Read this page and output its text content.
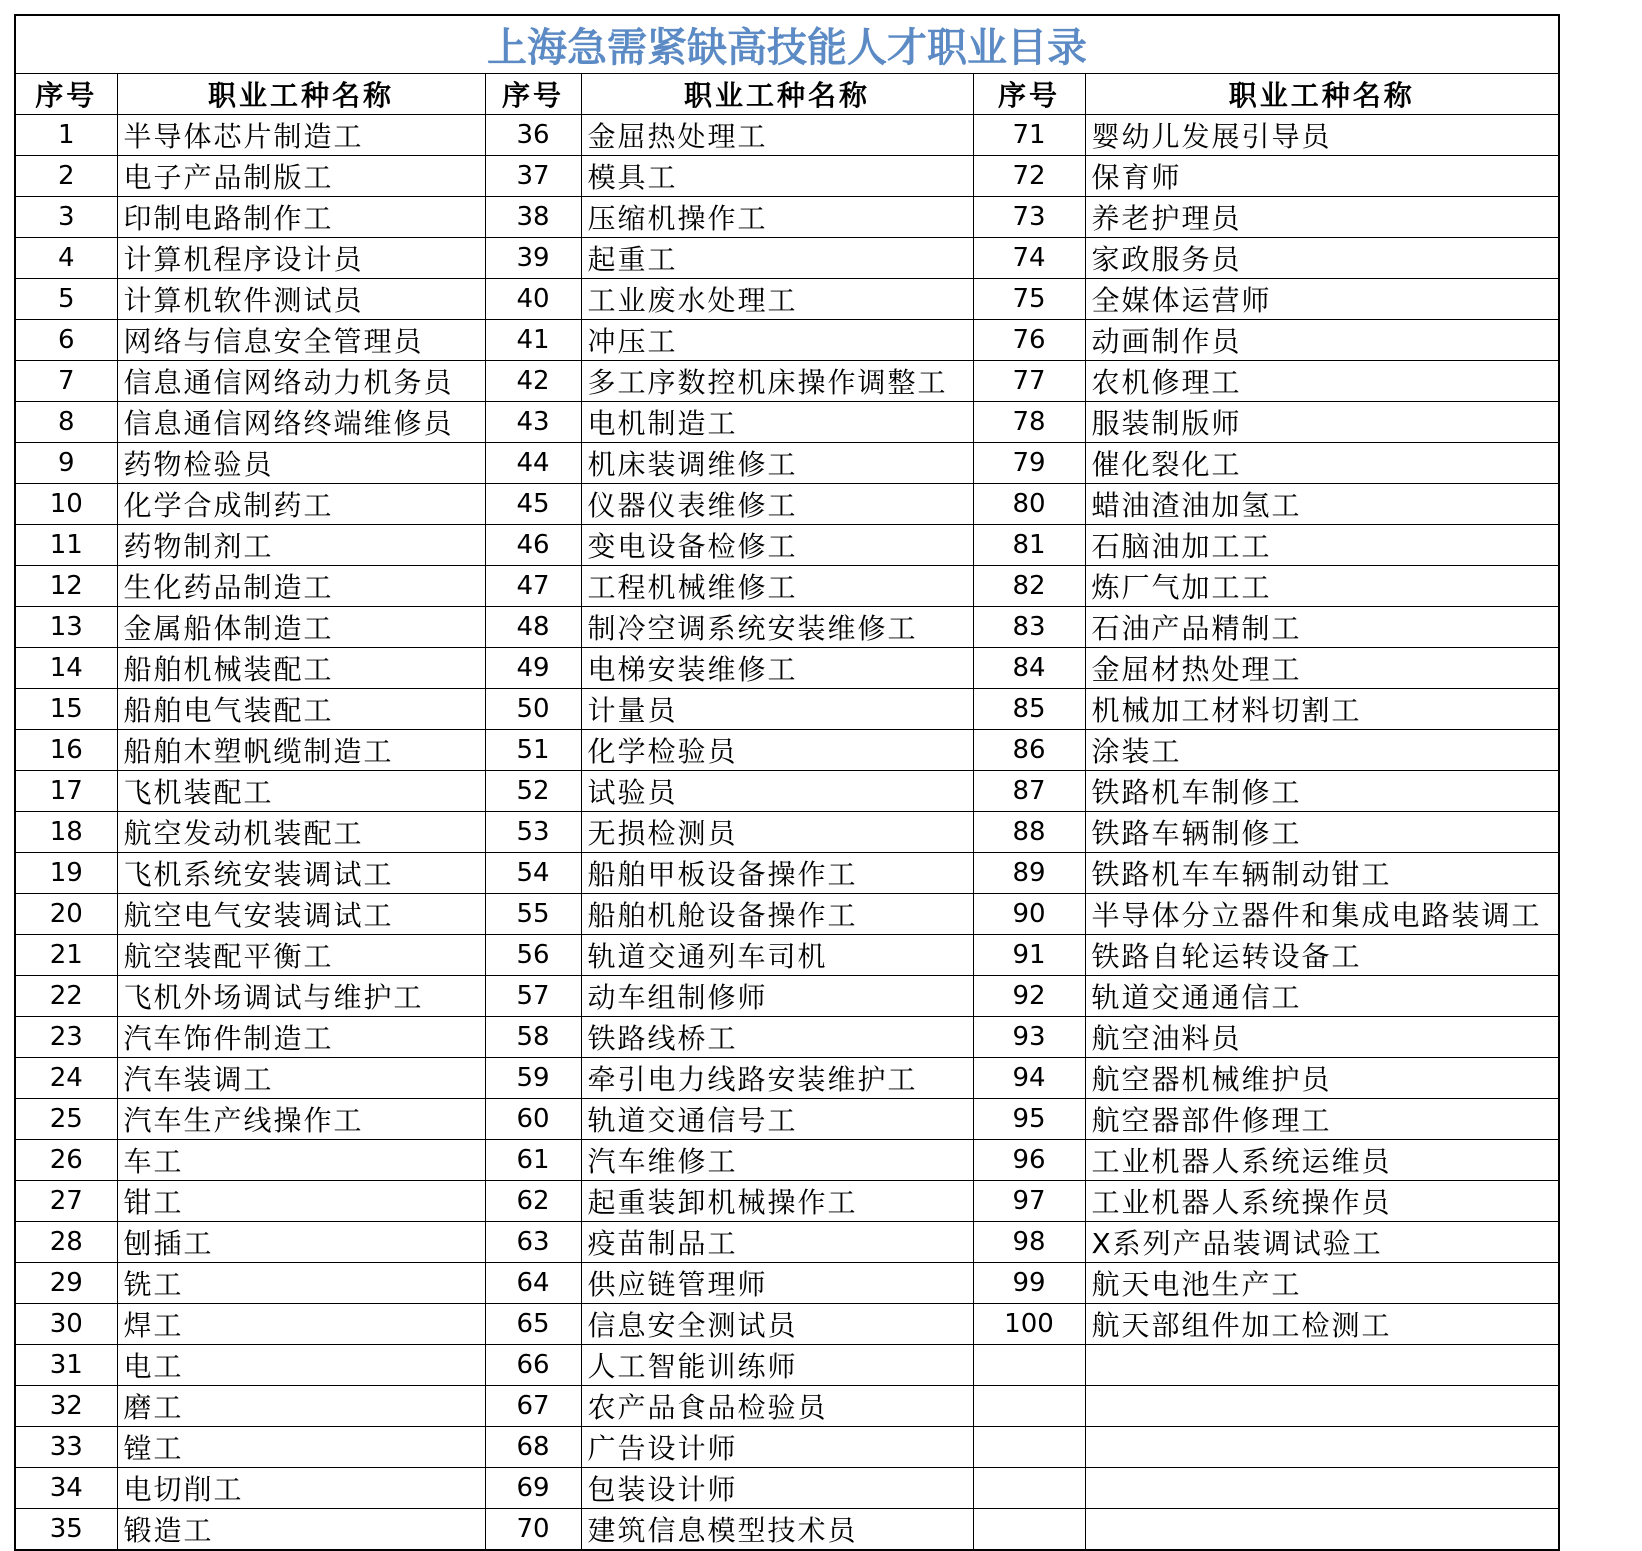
上海急需紧缺高技能人才职业目录					
序号	职业工种名称	序号	职业工种名称	序号	职业工种名称
1	半导体芯片制造工	36	金屈热处理工	71	婴幼儿发展引导员
2	电子产品制版工	37	模具工	72	保育师
3	印制电路制作工	38	压缩机操作工	73	养老护理员
4	计算机程序设计员	39	起重工	74	家政服务员
5	计算机软件测试员	40	工业废水处理工	75	全媒体运营师
6	网络与信息安全管理员	41	冲压工	76	动画制作员
7	信息通信网络动力机务员	42	多工序数控机床操作调整工	77	农机修理工
8	信息通信网络终端维修员	43	电机制造工	78	服装制版师
9	药物检验员	44	机床装调维修工	79	催化裂化工
10	化学合成制药工	45	仪器仪表维修工	80	蜡油渣油加氢工
11	药物制剂工	46	变电设备检修工	81	石脑油加工工
12	生化药品制造工	47	工程机械维修工	82	炼厂气加工工
13	金属船体制造工	48	制冷空调系统安装维修工	83	石油产品精制工
14	船舶机械装配工	49	电梯安装维修工	84	金屈材热处理工
15	船舶电气装配工	50	计量员	85	机械加工材料切割工
16	船舶木塑帆缆制造工	51	化学检验员	86	涂装工
17	飞机装配工	52	试验员	87	铁路机车制修工
18	航空发动机装配工	53	无损检测员	88	铁路车辆制修工
19	飞机系统安装调试工	54	船舶甲板设备操作工	89	铁路机车车辆制动钳工
20	航空电气安装调试工	55	船舶机舱设备操作工	90	半导体分立器件和集成电路装调工
21	航空装配平衡工	56	轨道交通列车司机	91	铁路自轮运转设备工
22	飞机外场调试与维护工	57	动车组制修师	92	轨道交通通信工
23	汽车饰件制造工	58	铁路线桥工	93	航空油料员
24	汽车装调工	59	牵引电力线路安装维护工	94	航空器机械维护员
25	汽车生产线操作工	60	轨道交通信号工	95	航空器部件修理工
26	车工	61	汽车维修工	96	工业机器人系统运维员
27	钳工	62	起重装卸机械操作工	97	工业机器人系统操作员
28	刨插工	63	疫苗制品工	98	X系列产品装调试验工
29	铣工	64	供应链管理师	99	航天电池生产工
30	焊工	65	信息安全测试员	100	航天部组件加工检测工
31	电工	66	人工智能训练师		
32	磨工	67	农产品食品检验员		
33	镗工	68	广告设计师		
34	电切削工	69	包装设计师		
35	锻造工	70	建筑信息模型技术员		
